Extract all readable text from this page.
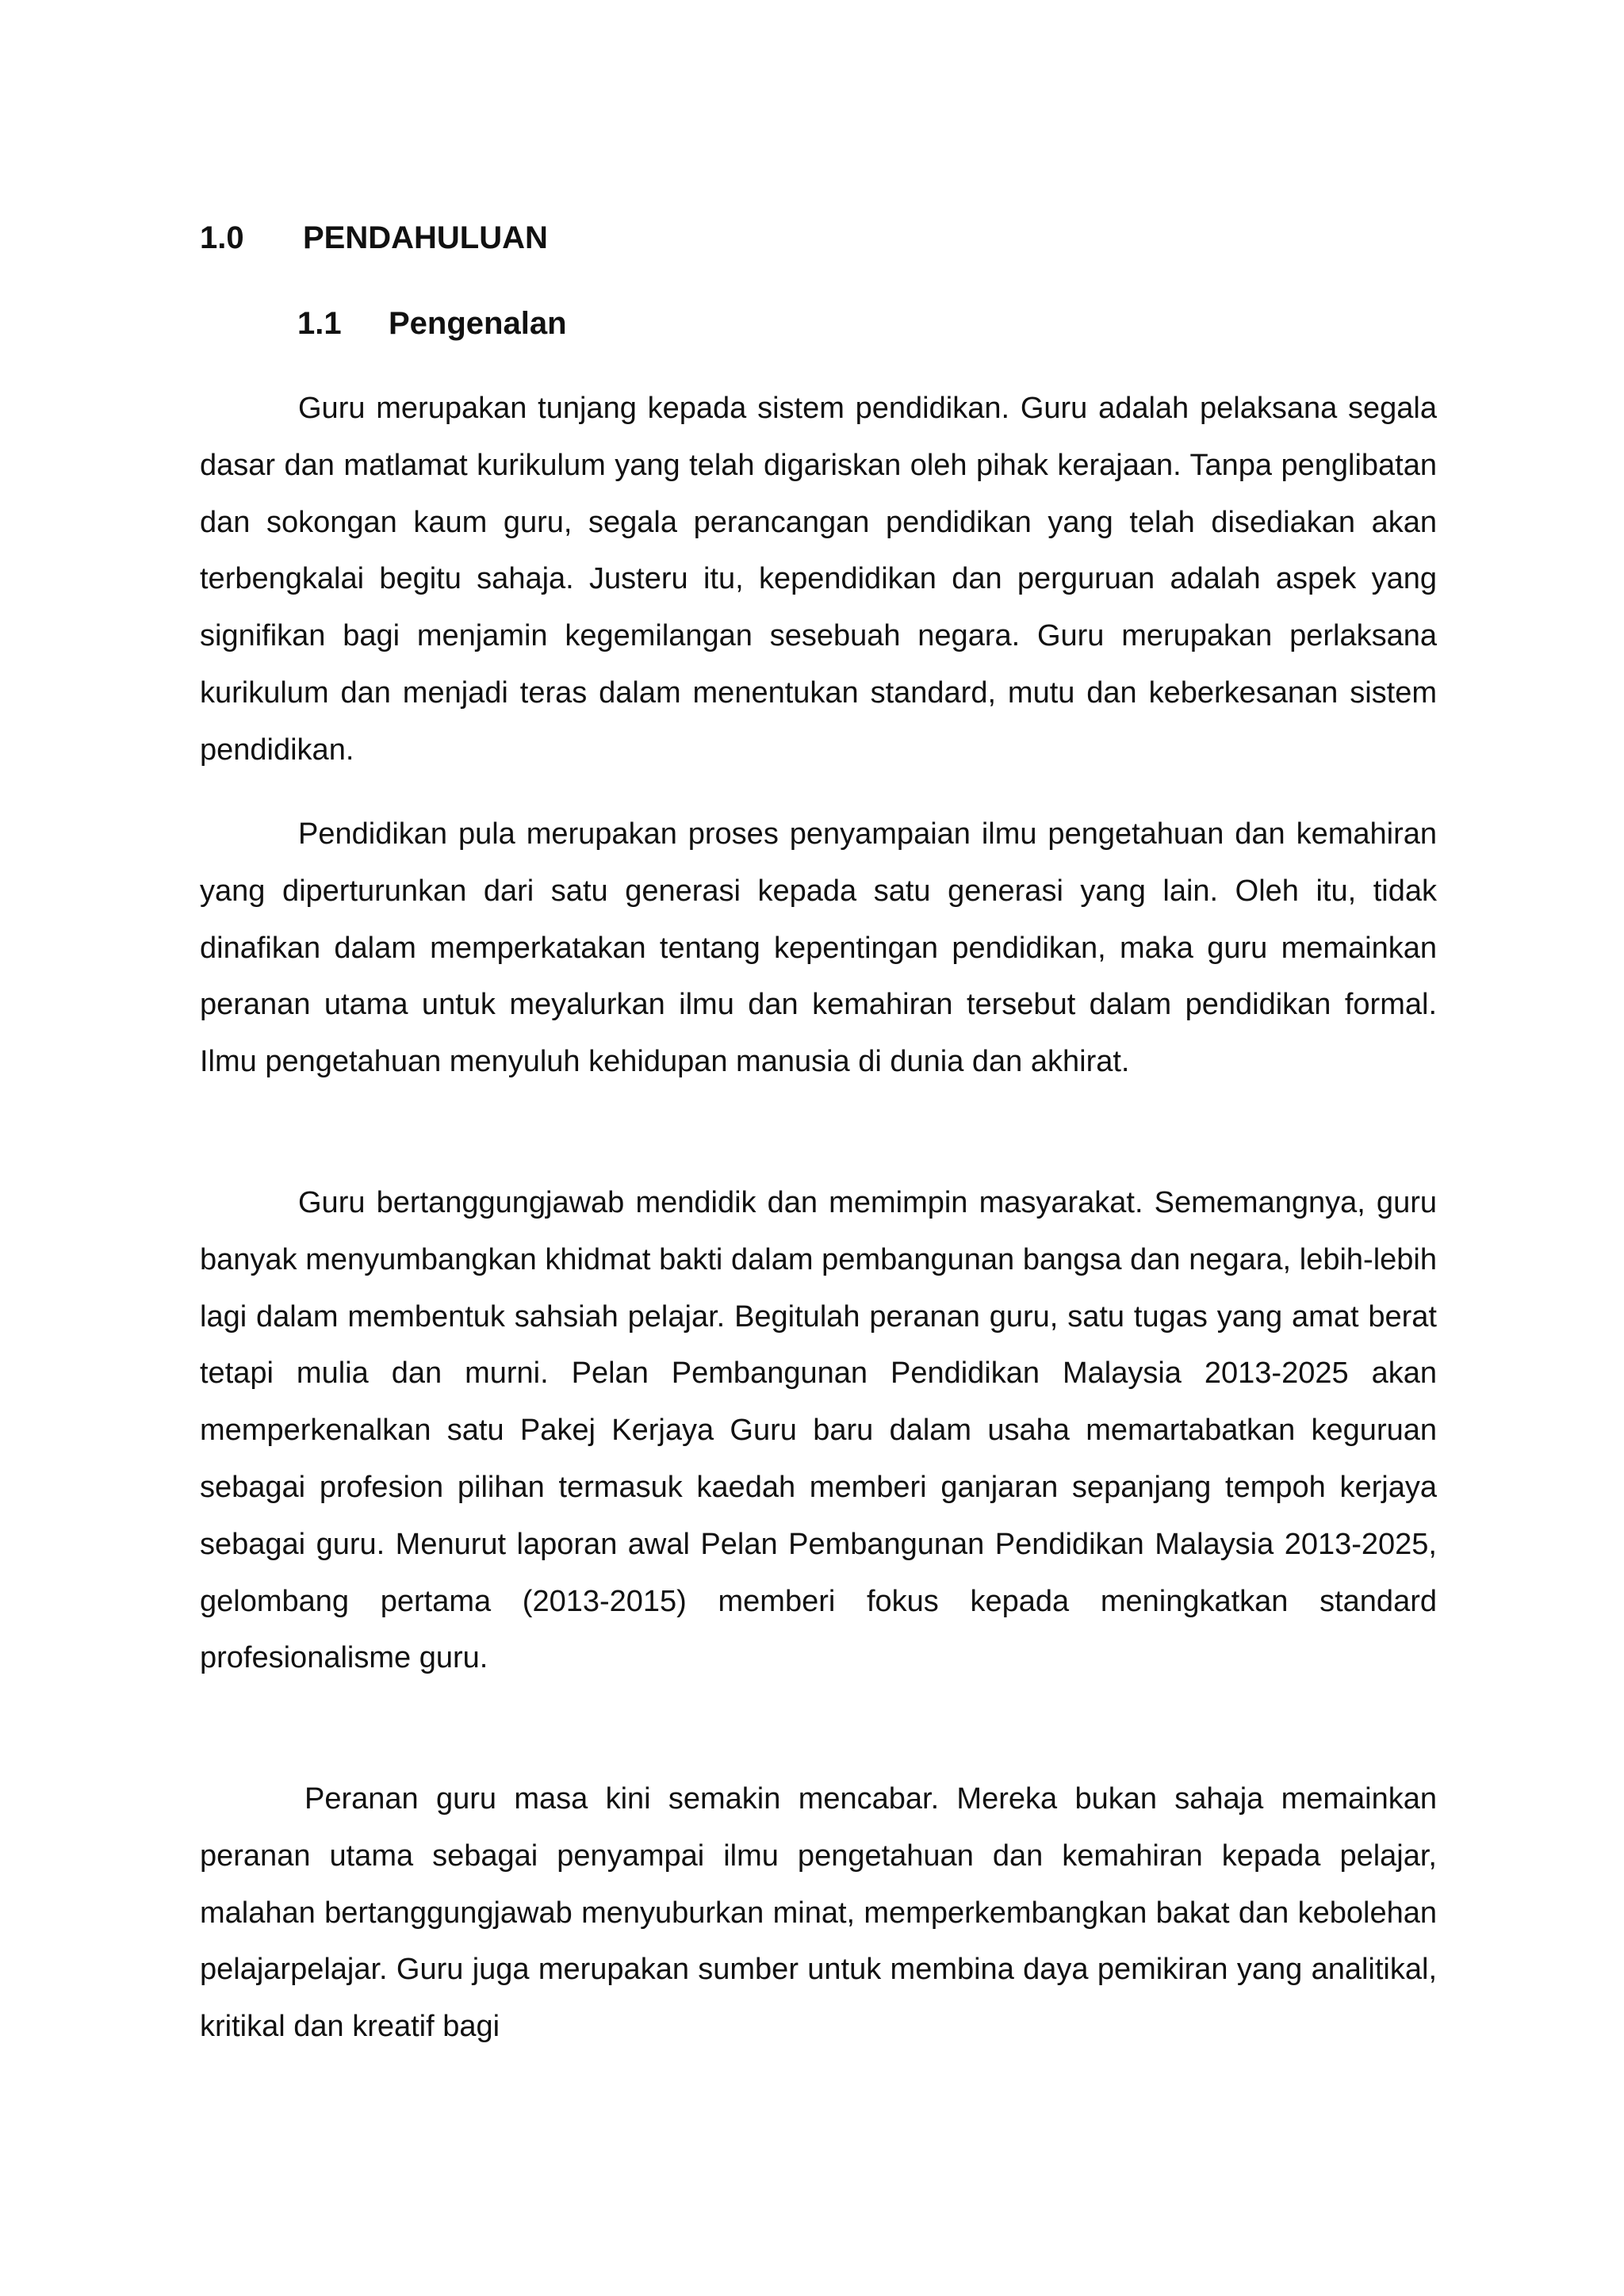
1.0 PENDAHULUAN
1.1 Pengenalan

Guru merupakan tunjang kepada sistem pendidikan. Guru adalah pelaksana segala dasar dan matlamat kurikulum yang telah digariskan oleh pihak kerajaan. Tanpa penglibatan dan sokongan kaum guru, segala perancangan pendidikan yang telah disediakan akan terbengkalai begitu sahaja. Justeru itu, kependidikan dan perguruan adalah aspek yang signifikan bagi menjamin kegemilangan sesebuah negara. Guru merupakan perlaksana kurikulum dan menjadi teras dalam menentukan standard, mutu dan keberkesanan sistem pendidikan.

Pendidikan pula merupakan proses penyampaian ilmu pengetahuan dan kemahiran yang diperturunkan dari satu generasi kepada satu generasi yang lain. Oleh itu, tidak dinafikan dalam memperkatakan tentang kepentingan pendidikan, maka guru memainkan peranan utama untuk meyalurkan ilmu dan kemahiran tersebut dalam pendidikan formal. Ilmu pengetahuan menyuluh kehidupan manusia di dunia dan akhirat.

Guru bertanggungjawab mendidik dan memimpin masyarakat. Sememangnya, guru banyak menyumbangkan khidmat bakti dalam pembangunan bangsa dan negara, lebih-lebih lagi dalam membentuk sahsiah pelajar. Begitulah peranan guru, satu tugas yang amat berat tetapi mulia dan murni. Pelan Pembangunan Pendidikan Malaysia 2013-2025 akan memperkenalkan satu Pakej Kerjaya Guru baru dalam usaha memartabatkan keguruan sebagai profesion pilihan termasuk kaedah memberi ganjaran sepanjang tempoh kerjaya sebagai guru. Menurut laporan awal Pelan Pembangunan Pendidikan Malaysia 2013-2025, gelombang pertama (2013-2015) memberi fokus kepada meningkatkan standard profesionalisme guru.

Peranan guru masa kini semakin mencabar. Mereka bukan sahaja memainkan peranan utama sebagai penyampai ilmu pengetahuan dan kemahiran kepada pelajar, malahan bertanggungjawab menyuburkan minat, memperkembangkan bakat dan kebolehan pelajarpelajar. Guru juga merupakan sumber untuk membina daya pemikiran yang analitikal, kritikal dan kreatif bagi
